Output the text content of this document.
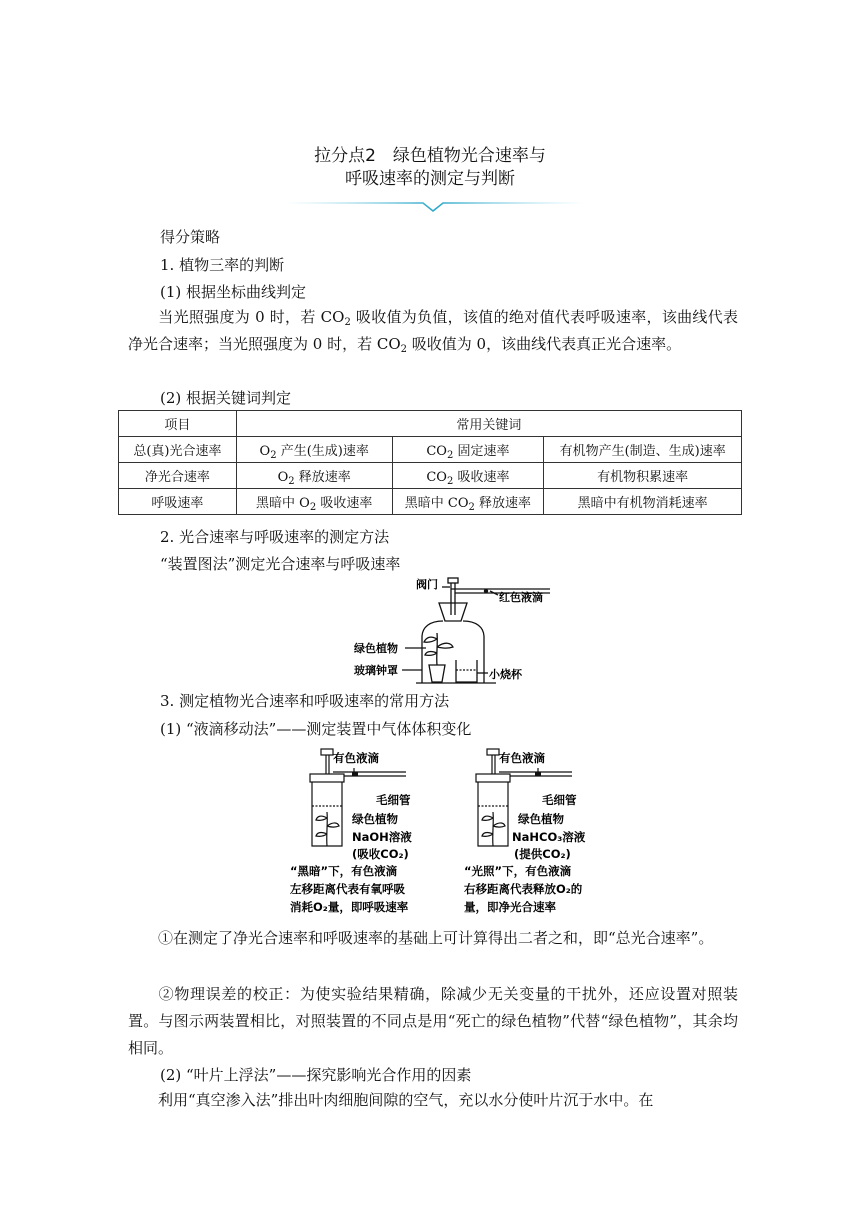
拉分点2　绿色植物光合速率与
呼吸速率的测定与判断
得分策略
1. 植物三率的判断
(1) 根据坐标曲线判定
当光照强度为 0 时，若 $CO_2$ 吸收值为负值，该值的绝对值代表呼吸速率，该曲线代表净光合速率；当光照强度为 0 时，若 $CO_2$ 吸收值为 0，该曲线代表真正光合速率。
(2) 根据关键词判定
项目	常用关键词		
总(真)光合速率	$O_2$ 产生(生成)速率	$CO_2$ 固定速率	有机物产生(制造、生成)速率
净光合速率	$O_2$ 释放速率	$CO_2$ 吸收速率	有机物积累速率
呼吸速率	黑暗中 $O_2$ 吸收速率	黑暗中 $CO_2$ 释放速率	黑暗中有机物消耗速率
2. 光合速率与呼吸速率的测定方法
“装置图法”测定光合速率与呼吸速率
阀门
红色液滴
绿色植物
玻璃钟罩	小烧杯
3. 测定植物光合速率和呼吸速率的常用方法
(1) “液滴移动法”——测定装置中气体体积变化
有色液滴
毛细管
绿色植物
NaOH溶液
(吸收CO₂)
“黑暗”下，有色液滴
左移距离代表有氧呼吸
消耗O₂量，即呼吸速率
有色液滴
毛细管
绿色植物
NaHCO₃溶液
(提供CO₂)
“光照”下，有色液滴
右移距离代表释放O₂的
量，即净光合速率
①在测定了净光合速率和呼吸速率的基础上可计算得出二者之和，即“总光合速率”。
②物理误差的校正：为使实验结果精确，除减少无关变量的干扰外，还应设置对照装置。与图示两装置相比，对照装置的不同点是用“死亡的绿色植物”代替“绿色植物”，其余均相同。
(2) “叶片上浮法”——探究影响光合作用的因素
利用“真空渗入法”排出叶肉细胞间隙的空气，充以水分使叶片沉于水中。在
